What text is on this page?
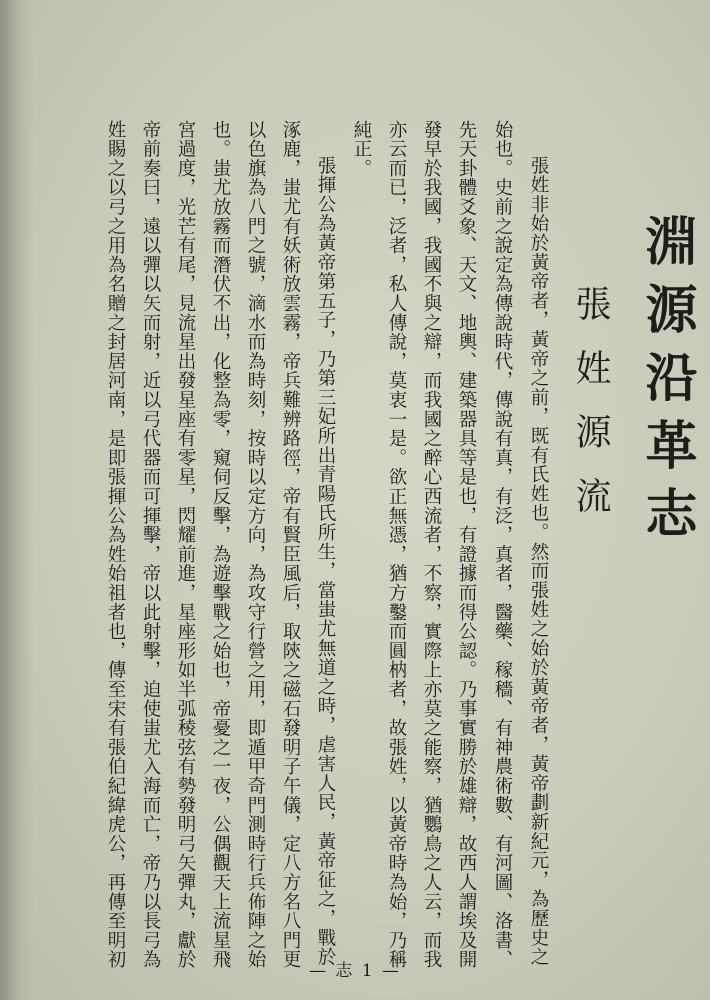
淵源沿革志
張姓源流
張姓非始於黃帝者，黃帝之前，既有氏姓也。然而張姓之始於黃帝者，黃帝劃新紀元，為歷史之
始也。史前之說定為傳說時代，傳說有真，有泛，真者，醫藥、稼穡、有神農術數、有河圖、洛書、
先天卦體爻象、天文、地輿、建築器具等是也，有證據而得公認。乃事實勝於雄辯，故西人謂埃及開
發早於我國，我國不與之辯，而我國之醉心西流者，不察，實際上亦莫之能察，猶鸚鳥之人云，而我
亦云而已，泛者，私人傳說，莫衷一是。欲正無憑，猶方鑿而圓枘者，故張姓，以黃帝時為始，乃稱
純正。
張揮公為黃帝第五子，乃第三妃所出青陽氏所生，當蚩尤無道之時，虐害人民，黃帝征之，戰於
涿鹿，蚩尤有妖術放雲霧，帝兵難辨路徑，帝有賢臣風后，取陝之磁石發明子午儀，定八方名八門更
以色旗為八門之號，滴水而為時刻，按時以定方向，為攻守行營之用，即遁甲奇門測時行兵佈陣之始
也。蚩尤放霧而潛伏不出，化整為零，窺伺反擊，為遊擊戰之始也，帝憂之一夜，公偶觀天上流星飛
宮過度，光芒有尾，見流星出發星座有零星，閃耀前進，星座形如半弧稜弦有勢發明弓矢彈丸，獻於
帝前奏曰，遠以彈以矢而射，近以弓代器而可揮擊，帝以此射擊，迫使蚩尤入海而亡，帝乃以長弓為
姓賜之以弓之用為名贈之封居河南，是即張揮公為姓始祖者也，傳至宋有張伯紀緯虎公，再傳至明初
— 志 1 —
